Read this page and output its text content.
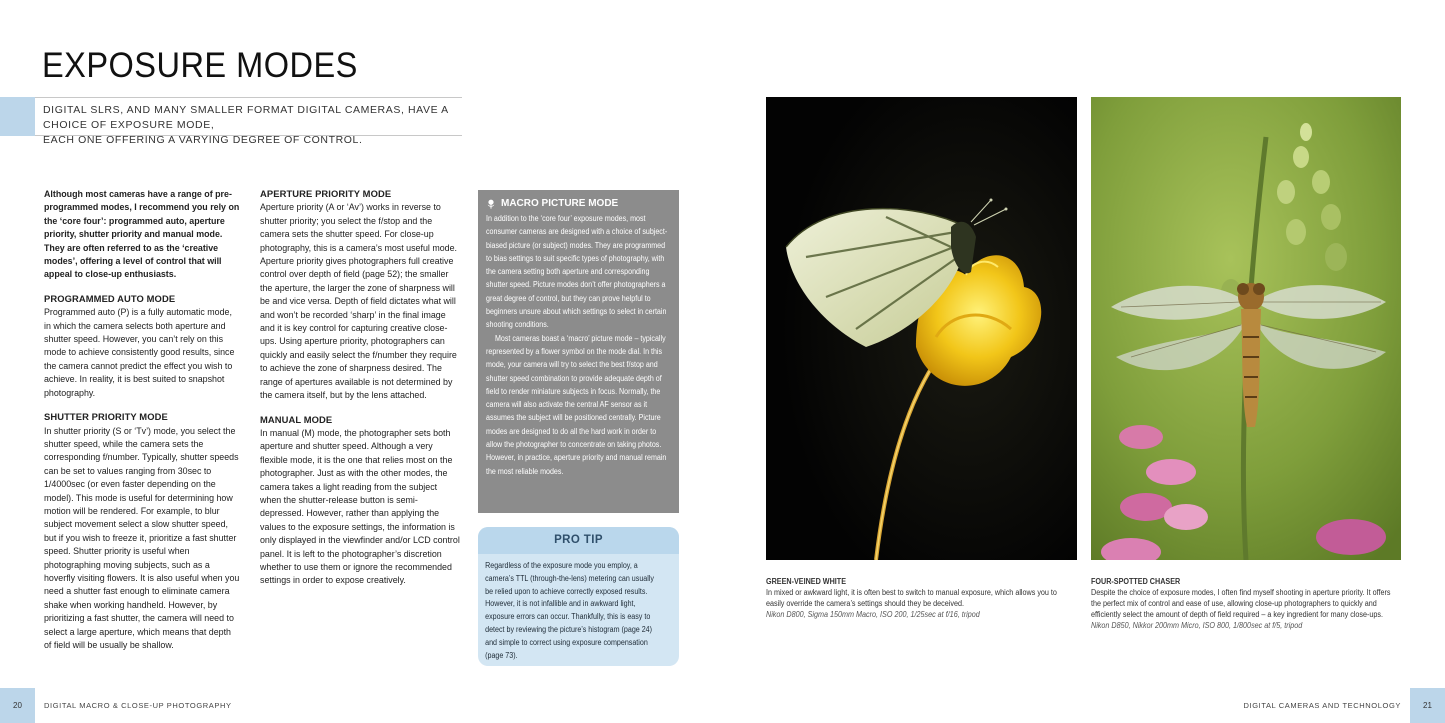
EXPOSURE MODES
DIGITAL SLRS, AND MANY SMALLER FORMAT DIGITAL CAMERAS, HAVE A CHOICE OF EXPOSURE MODE,
EACH ONE OFFERING A VARYING DEGREE OF CONTROL.

Although most cameras have a range of pre-programmed modes, I recommend you rely on the ‘core four’: programmed auto, aperture priority, shutter priority and manual mode. They are often referred to as the ‘creative modes’, offering a level of control that will appeal to close-up enthusiasts.

PROGRAMMED AUTO MODE

Programmed auto (P) is a fully automatic mode, in which the camera selects both aperture and shutter speed. However, you can’t rely on this mode to achieve consistently good results, since the camera cannot predict the effect you wish to achieve. In reality, it is best suited to snapshot photography.

SHUTTER PRIORITY MODE

In shutter priority (S or ‘Tv’) mode, you select the shutter speed, while the camera sets the corresponding f/number. Typically, shutter speeds can be set to values ranging from 30sec to 1/4000sec (or even faster depending on the model). This mode is useful for determining how motion will be rendered. For example, to blur subject movement select a slow shutter speed, but if you wish to freeze it, prioritize a fast shutter speed. Shutter priority is useful when photographing moving subjects, such as a hoverfly visiting flowers. It is also useful when you need a shutter fast enough to eliminate camera shake when working handheld. However, by prioritizing a fast shutter, the camera will need to select a large aperture, which means that depth of field will be usually be shallow.

APERTURE PRIORITY MODE

Aperture priority (A or ‘Av’) works in reverse to shutter priority; you select the f/stop and the camera sets the shutter speed. For close-up photography, this is a camera’s most useful mode. Aperture priority gives photographers full creative control over depth of field (page 52); the smaller the aperture, the larger the zone of sharpness will be and vice versa. Depth of field dictates what will and won’t be recorded ‘sharp’ in the final image and it is key control for capturing creative close-ups. Using aperture priority, photographers can quickly and easily select the f/number they require to achieve the zone of sharpness desired. The range of apertures available is not determined by the camera itself, but by the lens attached.

MANUAL MODE

In manual (M) mode, the photographer sets both aperture and shutter speed. Although a very flexible mode, it is the one that relies most on the photographer. Just as with the other modes, the camera takes a light reading from the subject when the shutter-release button is semi-depressed. However, rather than applying the values to the exposure settings, the information is only displayed in the viewfinder and/or LCD control panel. It is left to the photographer’s discretion whether to use them or ignore the recommended settings in order to expose creatively.

MACRO PICTURE MODE

In addition to the ‘core four’ exposure modes, most consumer cameras are designed with a choice of subject-biased picture (or subject) modes. They are programmed to bias settings to suit specific types of photography, with the camera setting both aperture and corresponding shutter speed. Picture modes don’t offer photographers a great degree of control, but they can prove helpful to beginners unsure about which settings to select in certain shooting conditions.

Most cameras boast a ‘macro’ picture mode – typically represented by a flower symbol on the mode dial. In this mode, your camera will try to select the best f/stop and shutter speed combination to provide adequate depth of field to render miniature subjects in focus. Normally, the camera will also activate the central AF sensor as it assumes the subject will be positioned centrally. Picture modes are designed to do all the hard work in order to allow the photographer to concentrate on taking photos. However, in practice, aperture priority and manual remain the most reliable modes.

PRO TIP
Regardless of the exposure mode you employ, a camera’s TTL (through-the-lens) metering can usually be relied upon to achieve correctly exposed results. However, it is not infallible and in awkward light, exposure errors can occur. Thankfully, this is easy to detect by reviewing the picture’s histogram (page 24) and simple to correct using exposure compensation (page 73).
20	DIGITAL MACRO & CLOSE-UP PHOTOGRAPHY
GREEN-VEINED WHITE
In mixed or awkward light, it is often best to switch to manual exposure, which allows you to easily override the camera’s settings should they be deceived.
Nikon D800, Sigma 150mm Macro, ISO 200, 1/25sec at f/16, tripod
FOUR-SPOTTED CHASER
Despite the choice of exposure modes, I often find myself shooting in aperture priority. It offers the perfect mix of control and ease of use, allowing close-up photographers to quickly and efficiently select the amount of depth of field required – a key ingredient for many close-ups.
Nikon D850, Nikkor 200mm Micro, ISO 800, 1/800sec at f/5, tripod
DIGITAL CAMERAS AND TECHNOLOGY	21
